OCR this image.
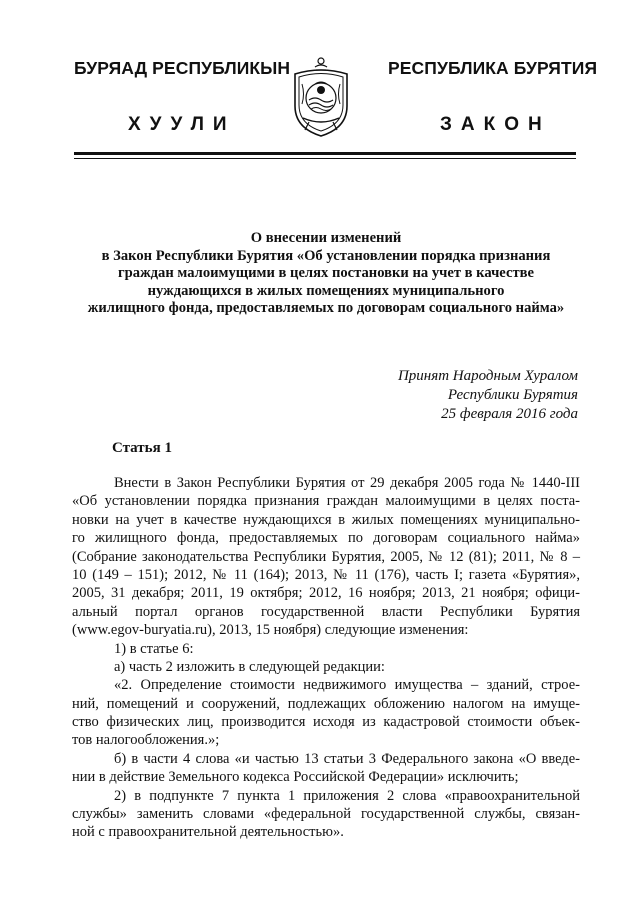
БУРЯАД РЕСПУБЛИКЫН	РЕСПУБЛИКА БУРЯТИЯ
ХУУЛИ	ЗАКОН
О внесении изменений
в Закон Республики Бурятия «Об установлении порядка признания
граждан малоимущими в целях постановки на учет в качестве
нуждающихся в жилых помещениях муниципального
жилищного фонда, предоставляемых по договорам социального найма»
Принят Народным Хуралом
Республики Бурятия
25 февраля 2016 года
Статья 1
Внести в Закон Республики Бурятия от 29 декабря 2005 года № 1440-III
«Об установлении порядка признания граждан малоимущими в целях поста-
новки на учет в качестве нуждающихся в жилых помещениях муниципально-
го жилищного фонда, предоставляемых по договорам социального найма»
(Собрание законодательства Республики Бурятия, 2005, № 12 (81); 2011, № 8 –
10 (149 – 151); 2012, № 11 (164); 2013, № 11 (176), часть I; газета «Бурятия»,
2005, 31 декабря; 2011, 19 октября; 2012, 16 ноября; 2013, 21 ноября; офици-
альный портал органов государственной власти Республики Бурятия
(www.egov-buryatia.ru), 2013, 15 ноября) следующие изменения:
1) в статье 6:
а) часть 2 изложить в следующей редакции:
«2. Определение стоимости недвижимого имущества – зданий, строе-
ний, помещений и сооружений, подлежащих обложению налогом на имуще-
ство физических лиц, производится исходя из кадастровой стоимости объек-
тов налогообложения.»;
б) в части 4 слова «и частью 13 статьи 3 Федерального закона «О введе-
нии в действие Земельного кодекса Российской Федерации» исключить;
2) в подпункте 7 пункта 1 приложения 2 слова «правоохранительной
службы» заменить словами «федеральной государственной службы, связан-
ной с правоохранительной деятельностью».
